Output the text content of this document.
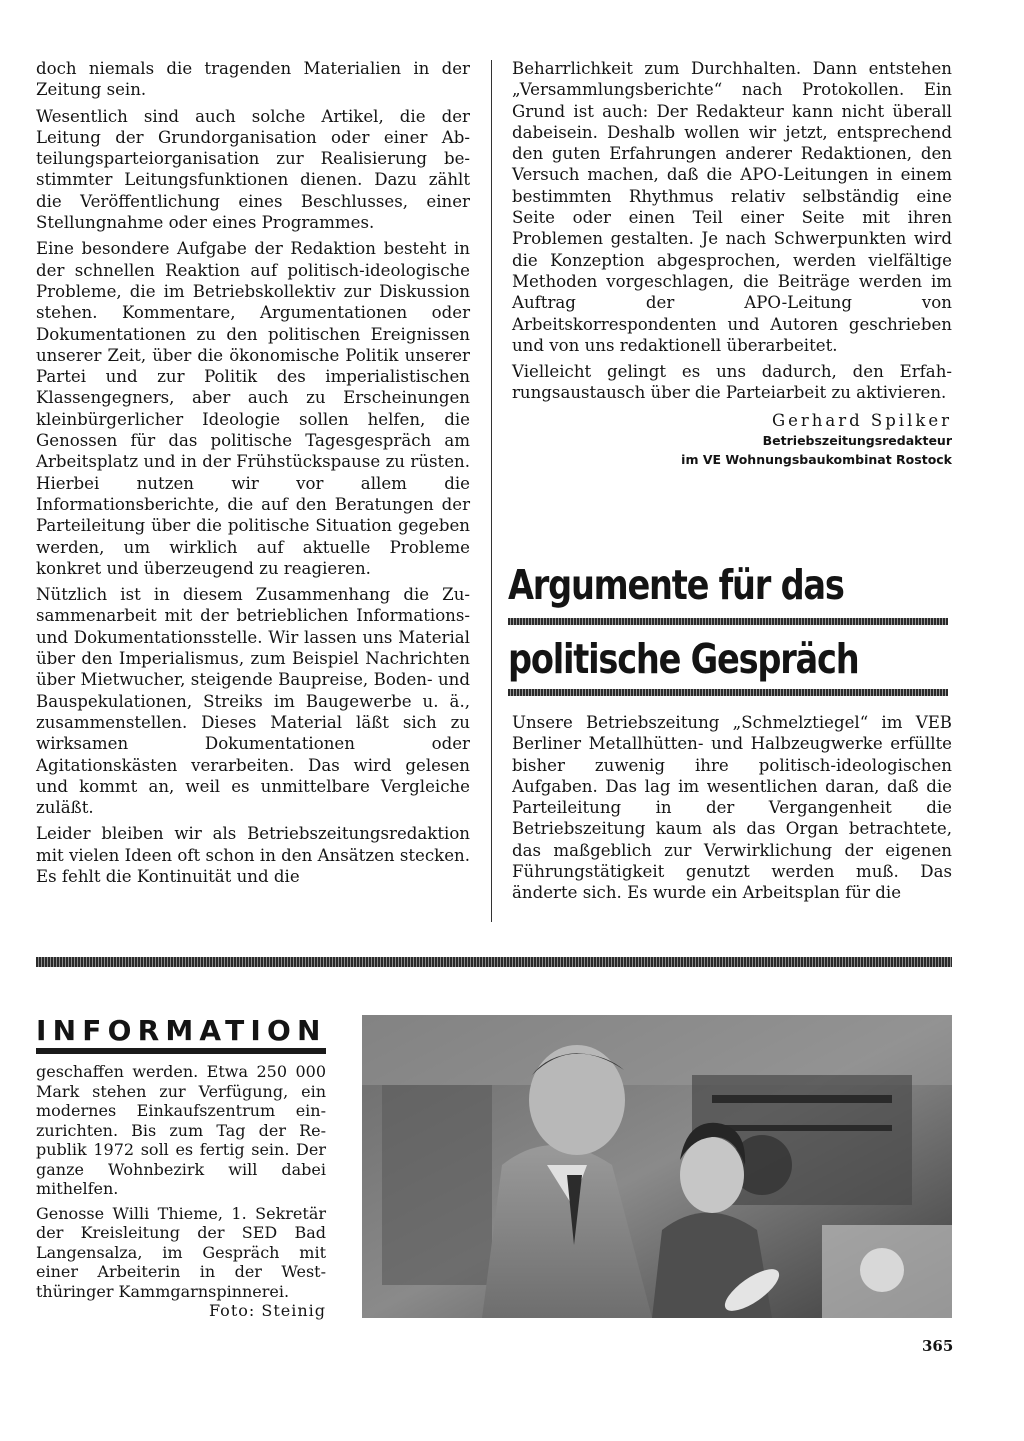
doch niemals die tragenden Materialien in der Zeitung sein.

Wesentlich sind auch solche Artikel, die der Leitung der Grundorganisation oder einer Abteilungsparteiorganisation zur Realisierung bestimmter Leitungsfunktionen dienen. Dazu zählt die Veröffentlichung eines Beschlusses, einer Stellungnahme oder eines Programmes.

Eine besondere Aufgabe der Redaktion besteht in der schnellen Reaktion auf politisch-ideologische Probleme, die im Betriebskollektiv zur Diskussion stehen. Kommentare, Argumentationen oder Dokumentationen zu den politischen Ereignissen unserer Zeit, über die ökonomische Politik unserer Partei und zur Politik des imperialistischen Klassengegners, aber auch zu Erscheinungen kleinbürgerlicher Ideologie sollen helfen, die Genossen für das politische Tagesgespräch am Arbeitsplatz und in der Frühstückspause zu rüsten. Hierbei nutzen wir vor allem die Informationsberichte, die auf den Beratungen der Parteileitung über die politische Situation gegeben werden, um wirklich auf aktuelle Probleme konkret und überzeugend zu reagieren.

Nützlich ist in diesem Zusammenhang die Zusammenarbeit mit der betrieblichen Informations- und Dokumentationsstelle. Wir lassen uns Material über den Imperialismus, zum Beispiel Nachrichten über Mietwucher, steigende Baupreise, Boden- und Bauspekulationen, Streiks im Baugewerbe u. ä., zusammenstellen. Dieses Material läßt sich zu wirksamen Dokumentationen oder Agitationskästen verarbeiten. Das wird gelesen und kommt an, weil es unmittelbare Vergleiche zuläßt.

Leider bleiben wir als Betriebszeitungsredaktion mit vielen Ideen oft schon in den Ansätzen stecken. Es fehlt die Kontinuität und die

Beharrlichkeit zum Durchhalten. Dann entstehen „Versammlungsberichte“ nach Protokollen. Ein Grund ist auch: Der Redakteur kann nicht überall dabeisein. Deshalb wollen wir jetzt, entsprechend den guten Erfahrungen anderer Redaktionen, den Versuch machen, daß die APO-Leitungen in einem bestimmten Rhythmus relativ selbständig eine Seite oder einen Teil einer Seite mit ihren Problemen gestalten. Je nach Schwerpunkten wird die Konzeption abgesprochen, werden vielfältige Methoden vorgeschlagen, die Beiträge werden im Auftrag der APO-Leitung von Arbeitskorrespondenten und Autoren geschrieben und von uns redaktionell überarbeitet.

Vielleicht gelingt es uns dadurch, den Erfahrungsaustausch über die Parteiarbeit zu aktivieren.

Gerhard Spilker
Betriebszeitungsredakteur
im VE Wohnungsbaukombinat Rostock
Argumente für das
politische Gespräch

Unsere Betriebszeitung „Schmelztiegel“ im VEB Berliner Metallhütten- und Halbzeugwerke erfüllte bisher zuwenig ihre politisch-ideologischen Aufgaben. Das lag im wesentlichen daran, daß die Parteileitung in der Vergangenheit die Betriebszeitung kaum als das Organ betrachtete, das maßgeblich zur Verwirklichung der eigenen Führungstätigkeit genutzt werden muß. Das änderte sich. Es wurde ein Arbeitsplan für die

INFORMATION

geschaffen werden. Etwa 250 000 Mark stehen zur Verfügung, ein modernes Einkaufszentrum einzurichten. Bis zum Tag der Republik 1972 soll es fertig sein. Der ganze Wohnbezirk will dabei mithelfen.

Genosse Willi Thieme, 1. Sekretär der Kreisleitung der SED Bad Langensalza, im Gespräch mit einer Arbeiterin in der Westthüringer Kammgarnspinnerei.

Foto: Steinig
365
